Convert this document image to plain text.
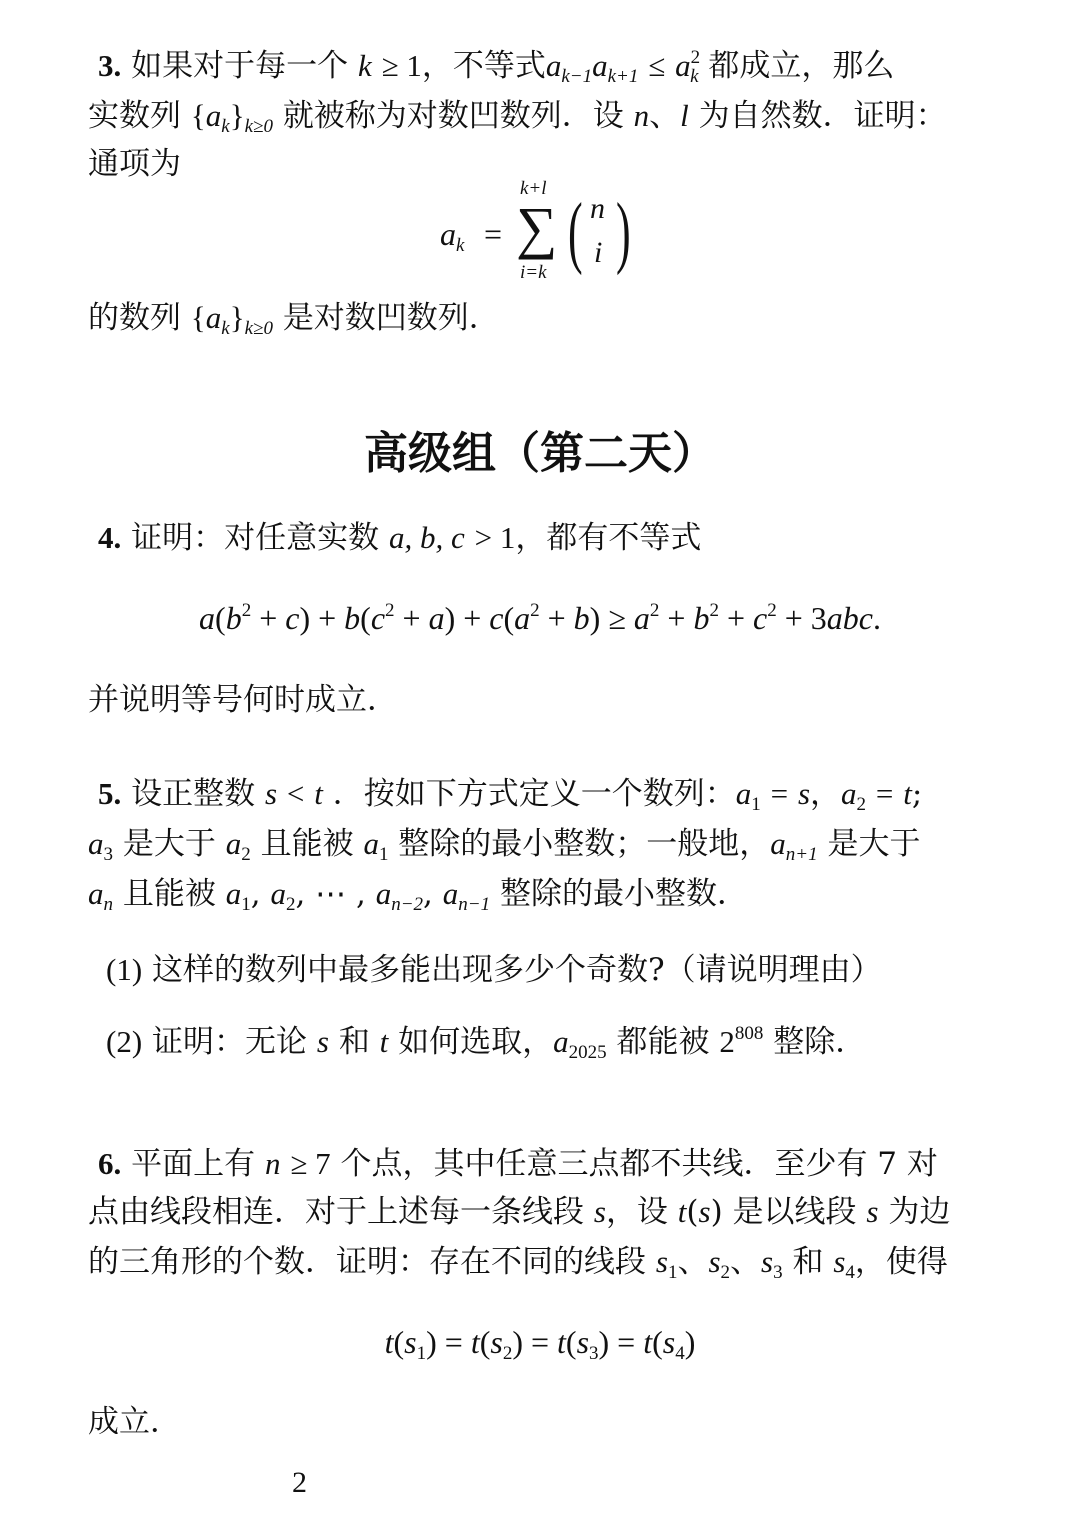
3. 如果对于每一个 k ≥ 1，不等式$a_{k-1}a_{k+1} \le a^2_k$ 都成立，那么
实数列 $\{a_k\}_{k\ge 0}$ 就被称为对数凹数列．设 n、l 为自然数．证明：
通项为
$a_k$ =
k+l
∑
i=k ( n
i )
的数列 $\{a_k\}_{k\ge 0}$ 是对数凹数列．
高级组（第二天）
4. 证明：对任意实数 a, b, c > 1，都有不等式
$a(b^2 + c) + b(c^2 + a) + c(a^2 + b) \ge a^2 + b^2 + c^2 + 3abc$.
并说明等号何时成立．
5. 设正整数 s < t ．按如下方式定义一个数列：$a_1 = s$，$a_2 = t$;
$a_3$ 是大于 $a_2$ 且能被 $a_1$ 整除的最小整数；一般地，$a_{n+1}$ 是大于
$a_n$ 且能被 $a_1$, $a_2$, ⋯ , $a_{n-2}$, $a_{n-1}$ 整除的最小整数．
(1) 这样的数列中最多能出现多少个奇数?（请说明理由）
(2) 证明：无论 s 和 t 如何选取，$a_{2025}$ 都能被 $2^{808}$ 整除．
6. 平面上有 n ≥ 7 个点，其中任意三点都不共线．至少有 7 对
点由线段相连．对于上述每一条线段 s，设 t(s) 是以线段 s 为边
的三角形的个数．证明：存在不同的线段 $s_1$、$s_2$、$s_3$ 和 $s_4$，使得
$t(s_1) = t(s_2) = t(s_3) = t(s_4)$
成立．
2
